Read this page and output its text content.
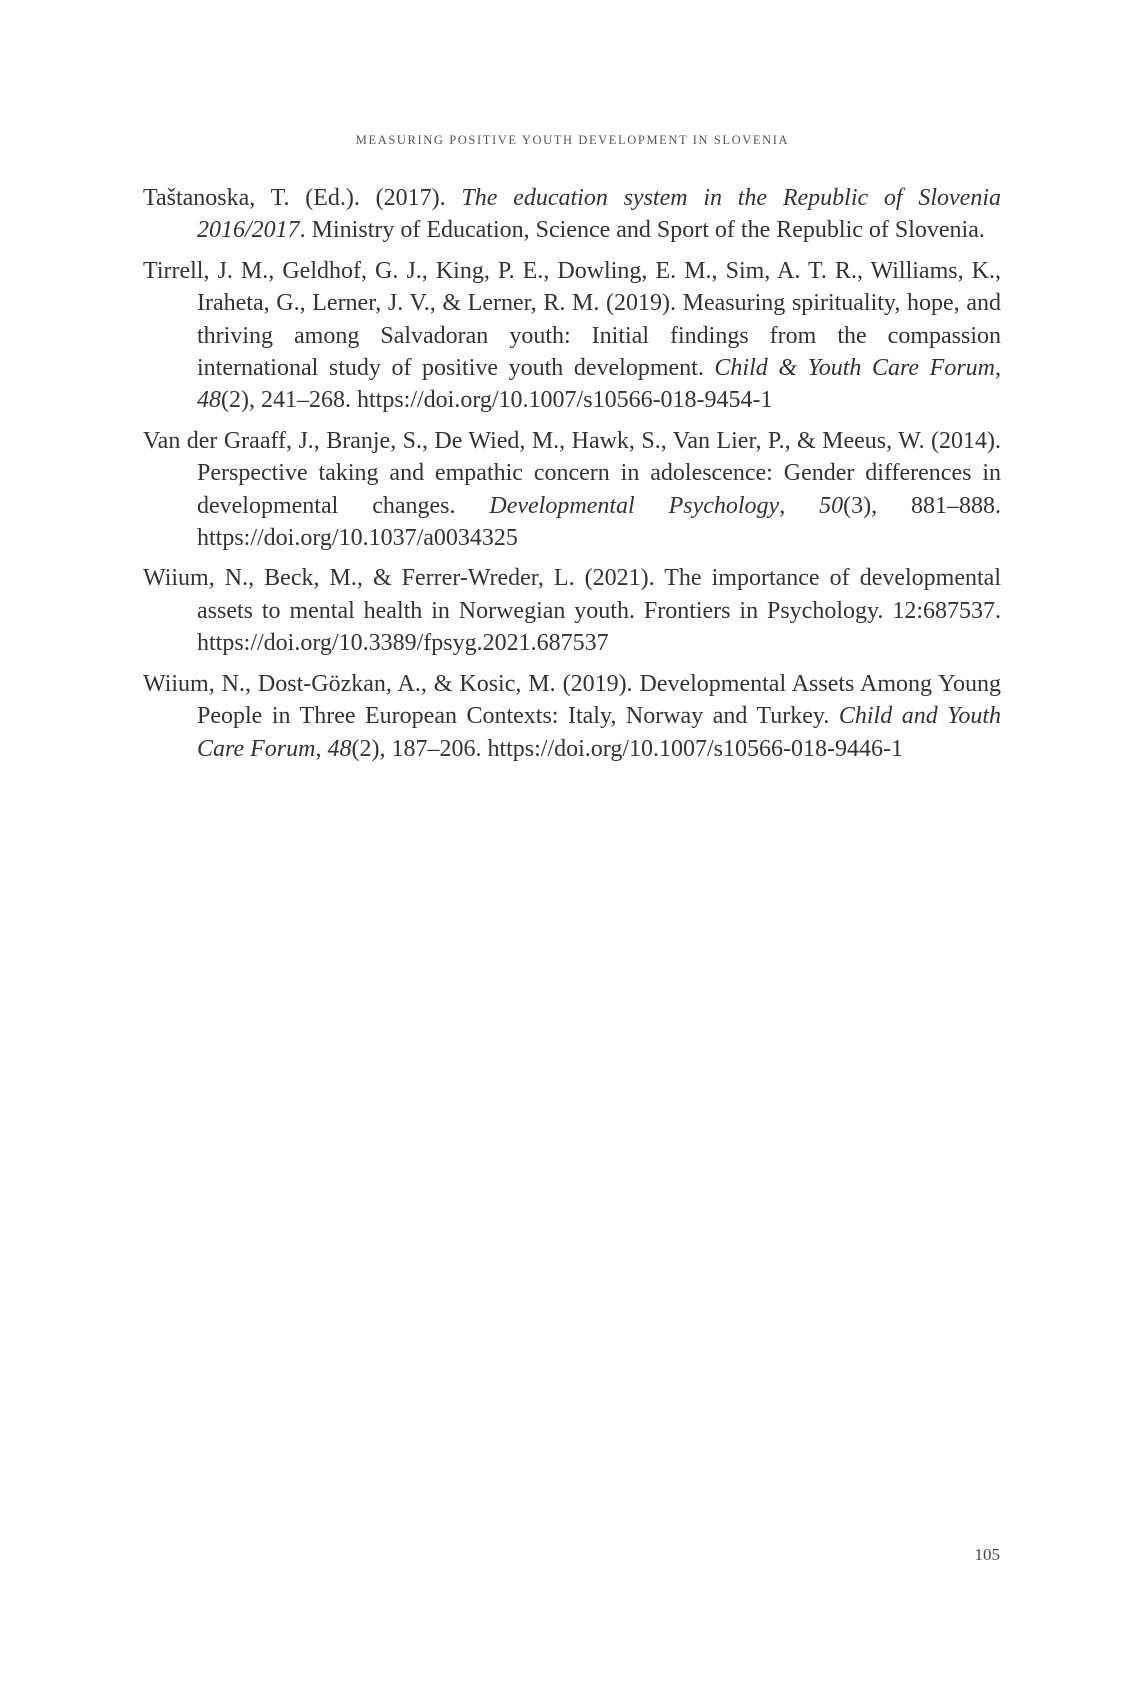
MEASURING POSITIVE YOUTH DEVELOPMENT IN SLOVENIA

Taštanoska, T. (Ed.). (2017). The education system in the Republic of Slovenia 2016/2017. Ministry of Education, Science and Sport of the Republic of Slovenia.

Tirrell, J. M., Geldhof, G. J., King, P. E., Dowling, E. M., Sim, A. T. R., Williams, K., Iraheta, G., Lerner, J. V., & Lerner, R. M. (2019). Measuring spirituality, hope, and thriving among Salvadoran youth: Initial findings from the compassion international study of positive youth development. Child & Youth Care Forum, 48(2), 241–268. https://doi.org/10.1007/s10566-018-9454-1

Van der Graaff, J., Branje, S., De Wied, M., Hawk, S., Van Lier, P., & Meeus, W. (2014). Perspective taking and empathic concern in adolescence: Gender differences in developmental changes. Developmental Psychology, 50(3), 881–888. https://doi.org/10.1037/a0034325

Wiium, N., Beck, M., & Ferrer-Wreder, L. (2021). The importance of developmental assets to mental health in Norwegian youth. Frontiers in Psychology. 12:687537. https://doi.org/10.3389/fpsyg.2021.687537

Wiium, N., Dost-Gözkan, A., & Kosic, M. (2019). Developmental Assets Among Young People in Three European Contexts: Italy, Norway and Turkey. Child and Youth Care Forum, 48(2), 187–206. https://doi.org/10.1007/s10566-018-9446-1

105
